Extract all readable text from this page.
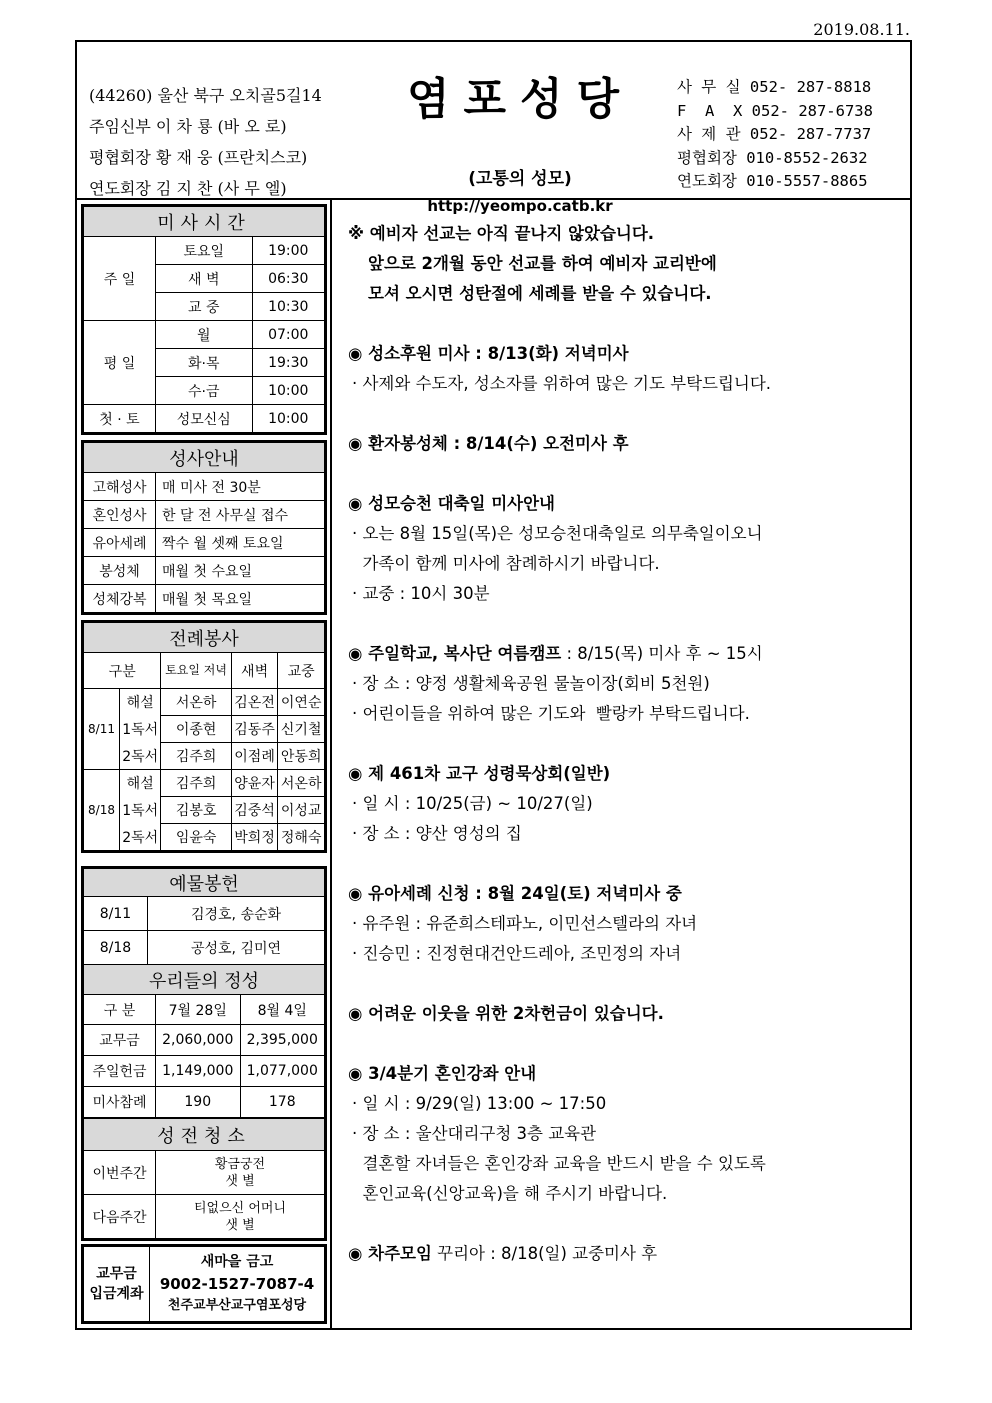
2019.08.11.
(44260) 울산 북구 오치골5길14
주임신부 이 차 룡 (바 오 로)
평협회장 황 재 웅 (프란치스코)
연도회장 김 지 찬 (사 무 엘)
염포성당
(고통의 성모)
http://yeompo.catb.kr
사 무 실 052- 287-8818
F  A  X 052- 287-6738
사 제 관 052- 287-7737
평협회장 010-8552-2632
연도회장 010-5557-8865
미사시간		
주 일	토요일	19:00
	새 벽	06:30
	교 중	10:30
평 일	월	07:00
	화·목	19:30
	수·금	10:00
첫 · 토	성모신심	10:00
성사안내	
고해성사	매 미사 전 30분
혼인성사	한 달 전 사무실 접수
유아세례	짝수 월 셋째 토요일
봉성체	매월 첫 수요일
성체강복	매월 첫 목요일
전례봉사				
구분		토요일 저녁	새벽	교중
8/11	해설	서온하	김온전	이연순
	1독서	이종현	김동주	신기철
	2독서	김주희	이점례	안동희
8/18	해설	김주희	양윤자	서온하
	1독서	김봉호	김중석	이성교
	2독서	임윤숙	박희정	정해숙
예물봉헌	
8/11	김경호, 송순화
8/18	공성호, 김미연
우리들의 정성		
구 분	7월 28일	8월 4일
교무금	2,060,000	2,395,000
주일헌금	1,149,000	1,077,000
미사참례	190	178
성전청소	
이번주간	황금궁전
샛 별

다음주간	티없으신 어머니
샛 별
교무금
입금계좌

새마을 금고
9002-1527-7087-4
천주교부산교구염포성당
※ 예비자 선교는 아직 끝나지 않았습니다.
앞으로 2개월 동안 선교를 하여 예비자 교리반에
모셔 오시면 성탄절에 세례를 받을 수 있습니다.
◉ 성소후원 미사 : 8/13(화) 저녁미사
· 사제와 수도자, 성소자를 위하여 많은 기도 부탁드립니다.
◉ 환자봉성체 : 8/14(수) 오전미사 후
◉ 성모승천 대축일 미사안내
· 오는 8월 15일(목)은 성모승천대축일로 의무축일이오니
가족이 함께 미사에 참례하시기 바랍니다.
· 교중 : 10시 30분
◉ 주일학교, 복사단 여름캠프 : 8/15(목) 미사 후 ~ 15시
· 장 소 : 양정 생활체육공원 물놀이장(회비 5천원)
· 어린이들을 위하여 많은 기도와  빨랑카 부탁드립니다.
◉ 제 461차 교구 성령묵상회(일반)
· 일 시 : 10/25(금) ~ 10/27(일)
· 장 소 : 양산 영성의 집
◉ 유아세례 신청 : 8월 24일(토) 저녁미사 중
· 유주원 : 유준희스테파노, 이민선스텔라의 자녀
· 진승민 : 진정현대건안드레아, 조민정의 자녀
◉ 어려운 이웃을 위한 2차헌금이 있습니다.
◉ 3/4분기 혼인강좌 안내
· 일 시 : 9/29(일) 13:00 ~ 17:50
· 장 소 : 울산대리구청 3층 교육관
결혼할 자녀들은 혼인강좌 교육을 반드시 받을 수 있도록
혼인교육(신앙교육)을 해 주시기 바랍니다.
◉ 차주모임 꾸리아 : 8/18(일) 교중미사 후
